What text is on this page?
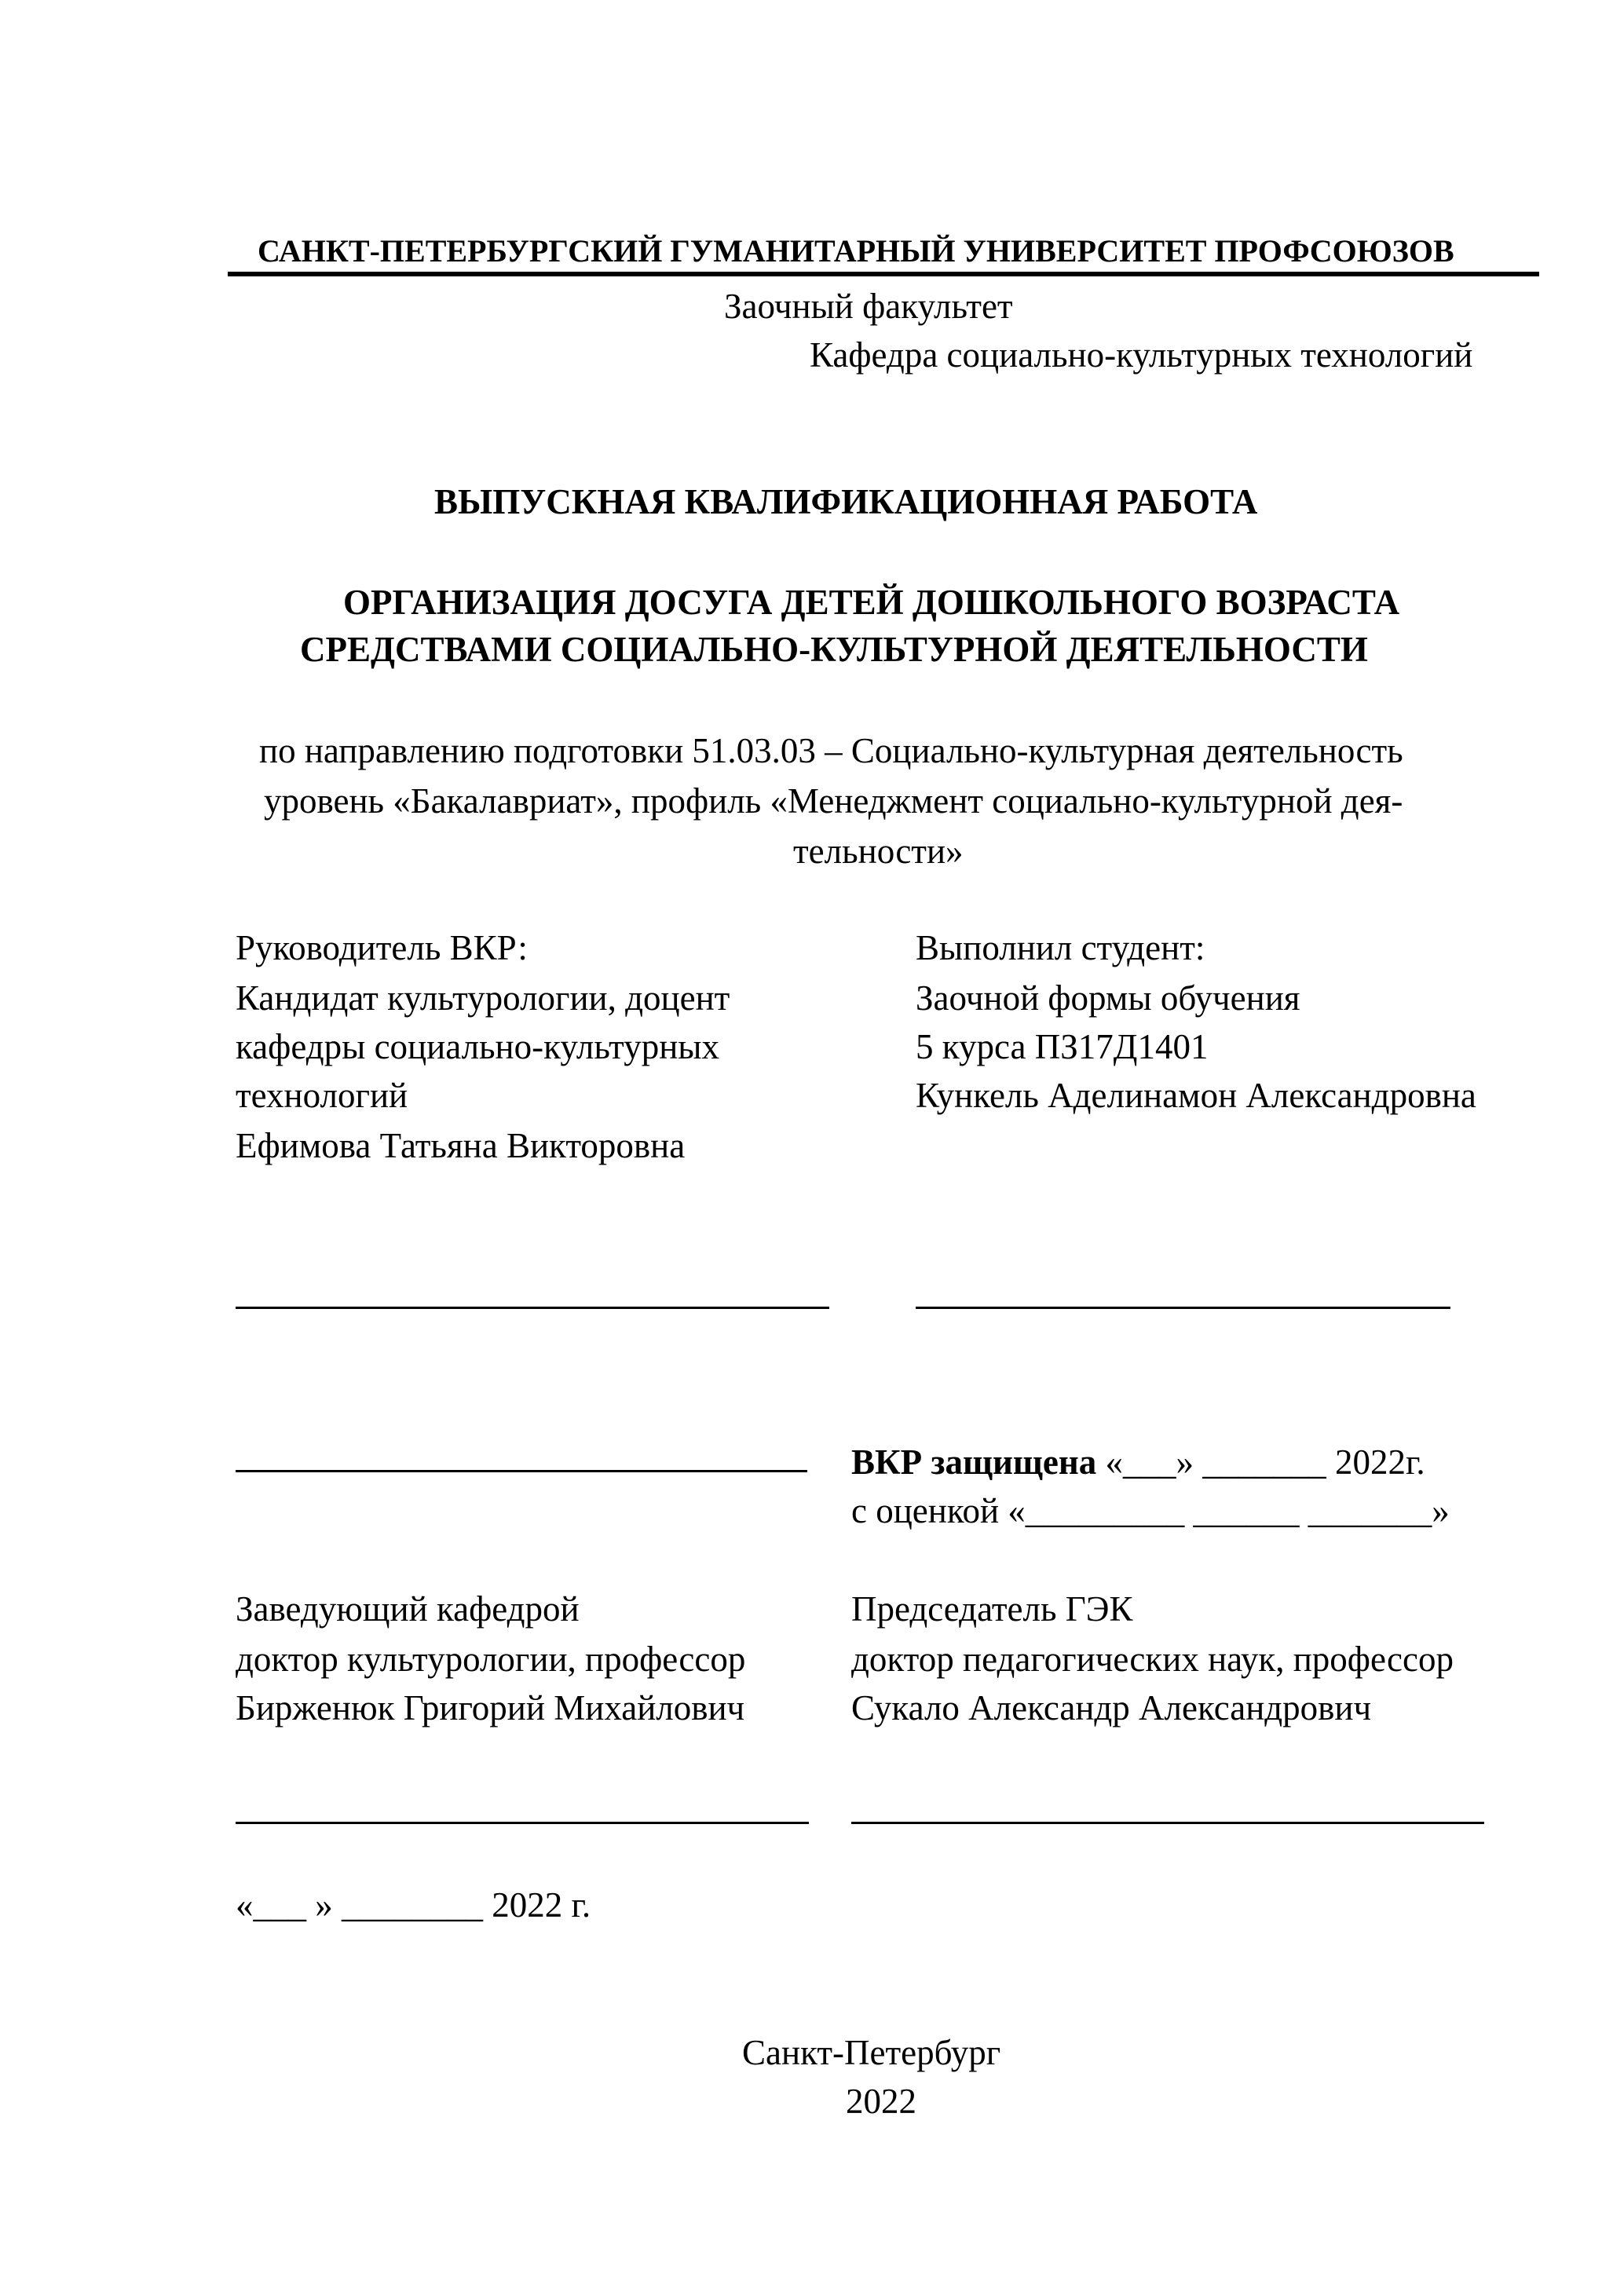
САНКТ-ПЕТЕРБУРГСКИЙ ГУМАНИТАРНЫЙ УНИВЕРСИТЕТ ПРОФСОЮЗОВ
Заочный факультет
Кафедра социально-культурных технологий
ВЫПУСКНАЯ КВАЛИФИКАЦИОННАЯ РАБОТА
ОРГАНИЗАЦИЯ ДОСУГА ДЕТЕЙ ДОШКОЛЬНОГО ВОЗРАСТА
СРЕДСТВАМИ СОЦИАЛЬНО-КУЛЬТУРНОЙ ДЕЯТЕЛЬНОСТИ
по направлению подготовки 51.03.03 – Социально-культурная деятельность
уровень «Бакалавриат», профиль «Менеджмент социально-культурной дея-
тельности»
Руководитель ВКР:
Кандидат культурологии, доцент
кафедры социально-культурных
технологий
Ефимова Татьяна Викторовна
Выполнил студент:
Заочной формы обучения
5 курса ПЗ17Д1401
Кункель Аделинамон Александровна
ВКР защищена «___» _______ 2022г.
с оценкой «_________ ______ _______»
Заведующий кафедрой
доктор культурологии, профессор
Бирженюк Григорий Михайлович
Председатель ГЭК
доктор педагогических наук, профессор
Сукало Александр Александрович
«___ » ________ 2022 г.
Санкт-Петербург
2022
